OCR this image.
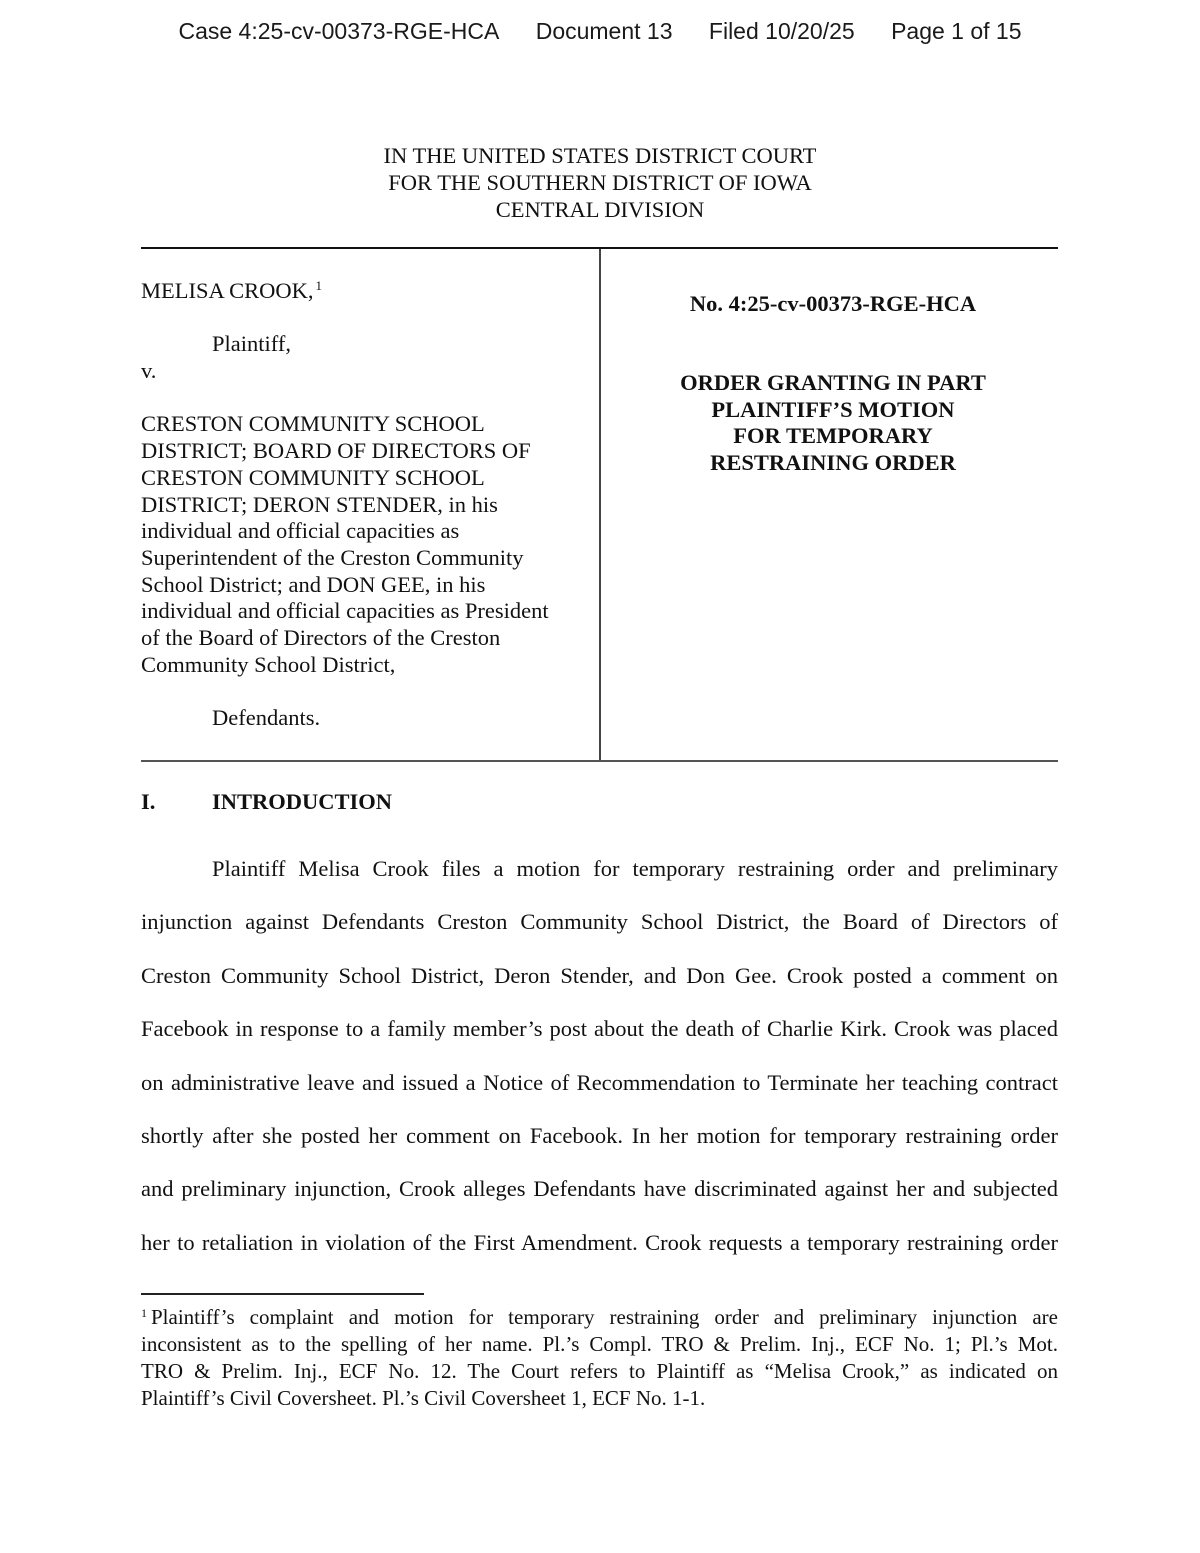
Case 4:25-cv-00373-RGE-HCA Document 13 Filed 10/20/25 Page 1 of 15
IN THE UNITED STATES DISTRICT COURT
FOR THE SOUTHERN DISTRICT OF IOWA
CENTRAL DIVISION

MELISA CROOK, $^1$

Plaintiff,

v.

CRESTON COMMUNITY SCHOOL
DISTRICT; BOARD OF DIRECTORS OF
CRESTON COMMUNITY SCHOOL
DISTRICT; DERON STENDER, in his
individual and official capacities as
Superintendent of the Creston Community
School District; and DON GEE, in his
individual and official capacities as President
of the Board of Directors of the Creston
Community School District,

Defendants.

No. 4:25-cv-00373-RGE-HCA
ORDER GRANTING IN PART
PLAINTIFF’S MOTION
FOR TEMPORARY
RESTRAINING ORDER
I.	INTRODUCTION
Plaintiff Melisa Crook files a motion for temporary restraining order and preliminary
injunction against Defendants Creston Community School District, the Board of Directors of
Creston Community School District, Deron Stender, and Don Gee. Crook posted a comment on
Facebook in response to a family member’s post about the death of Charlie Kirk. Crook was placed
on administrative leave and issued a Notice of Recommendation to Terminate her teaching contract
shortly after she posted her comment on Facebook. In her motion for temporary restraining order
and preliminary injunction, Crook alleges Defendants have discriminated against her and subjected
her to retaliation in violation of the First Amendment. Crook requests a temporary restraining order
$^1$ Plaintiff’s complaint and motion for temporary restraining order and preliminary injunction are
inconsistent as to the spelling of her name. Pl.’s Compl. TRO & Prelim. Inj., ECF No. 1; Pl.’s Mot.
TRO & Prelim. Inj., ECF No. 12. The Court refers to Plaintiff as “Melisa Crook,” as indicated on
Plaintiff’s Civil Coversheet. Pl.’s Civil Coversheet 1, ECF No. 1-1.
